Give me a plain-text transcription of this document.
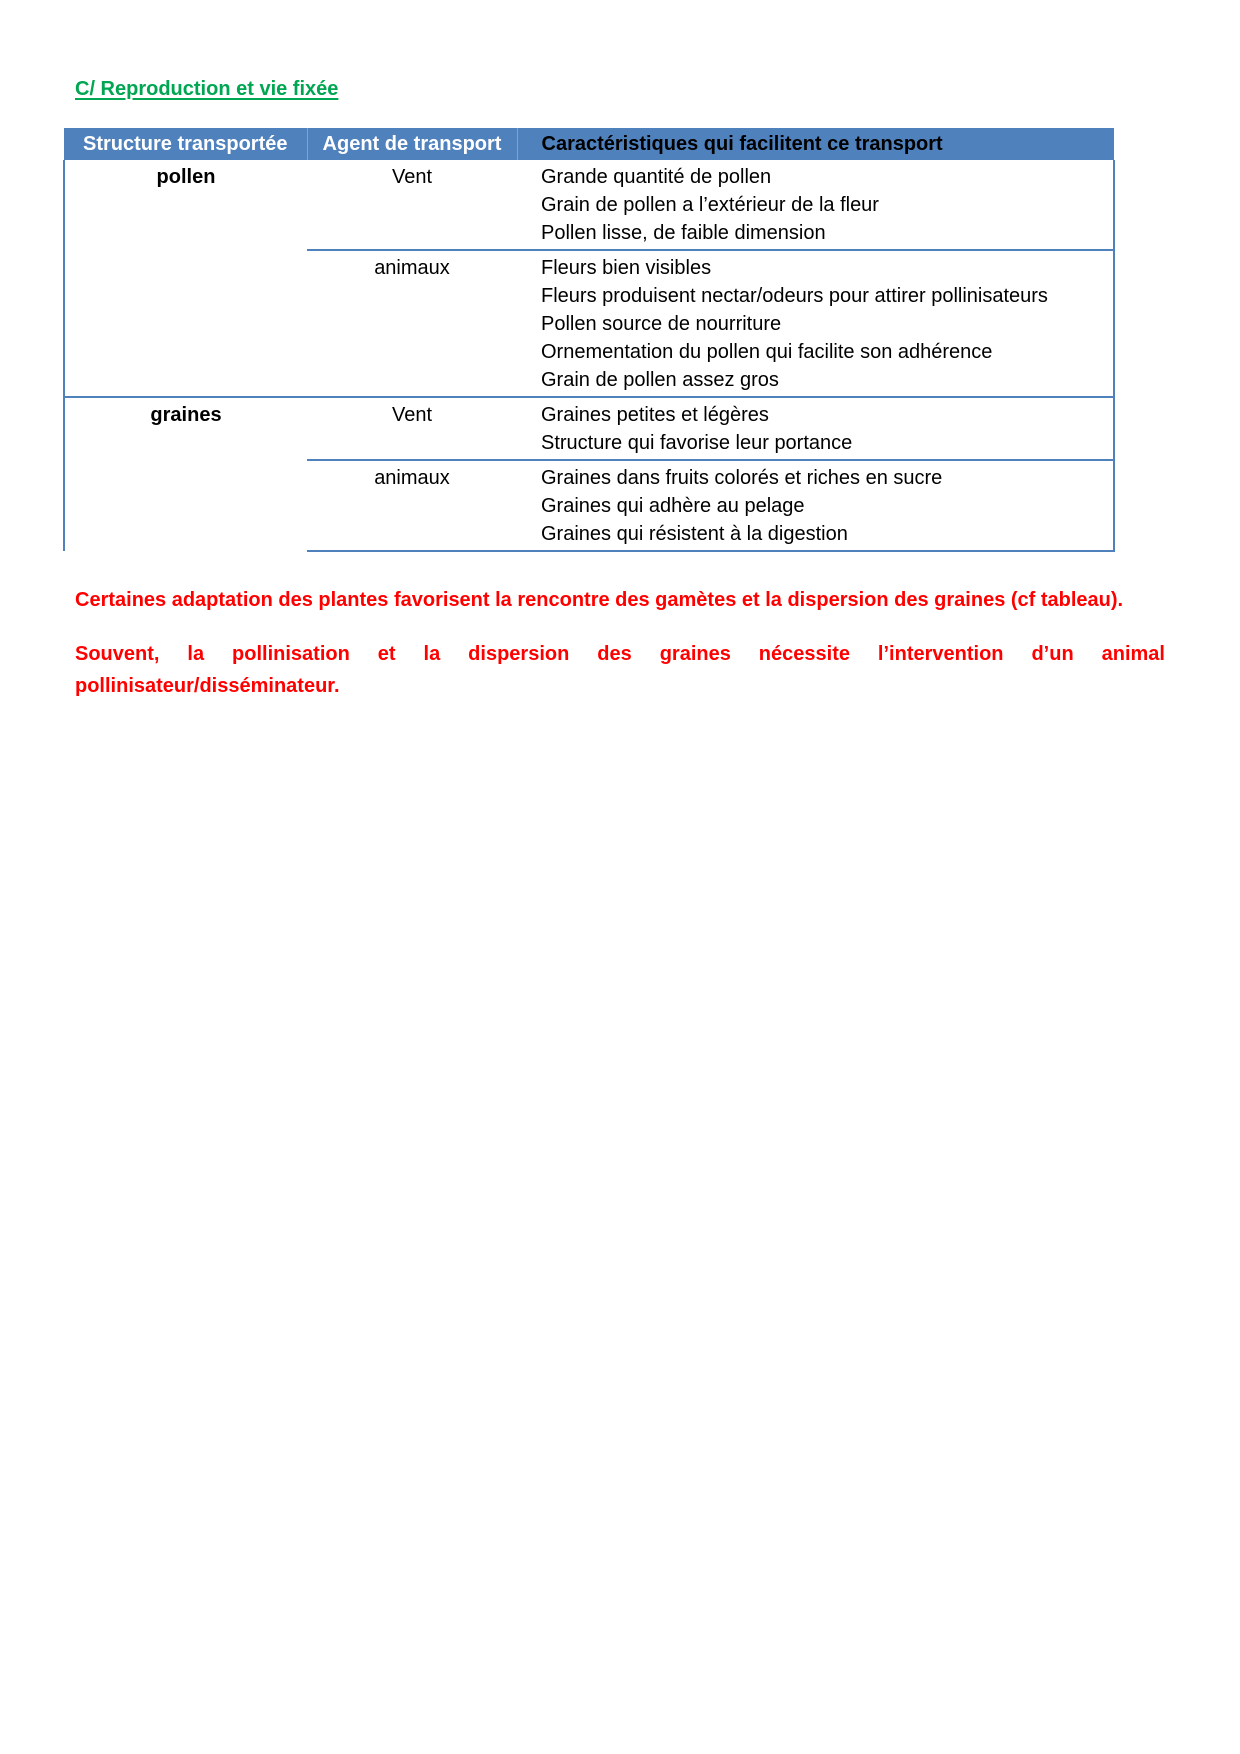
C/ Reproduction et vie fixée
Structure transportée	Agent de transport	Caractéristiques qui facilitent ce transport
pollen	Vent	Grande quantité de pollen
Grain de pollen a l’extérieur de la fleur
Pollen lisse, de faible dimension

	animaux	Fleurs bien visibles
Fleurs produisent nectar/odeurs pour attirer pollinisateurs
Pollen source de nourriture
Ornementation du pollen qui facilite son adhérence
Grain de pollen assez gros

graines	Vent	Graines petites et légères
Structure qui favorise leur portance

	animaux	Graines dans fruits colorés et riches en sucre
Graines qui adhère au pelage
Graines qui résistent à la digestion

Certaines adaptation des plantes favorisent la rencontre des gamètes et la dispersion des graines (cf tableau).

Souvent, la pollinisation et la dispersion des graines nécessite l’intervention d’un animal pollinisateur/disséminateur.
